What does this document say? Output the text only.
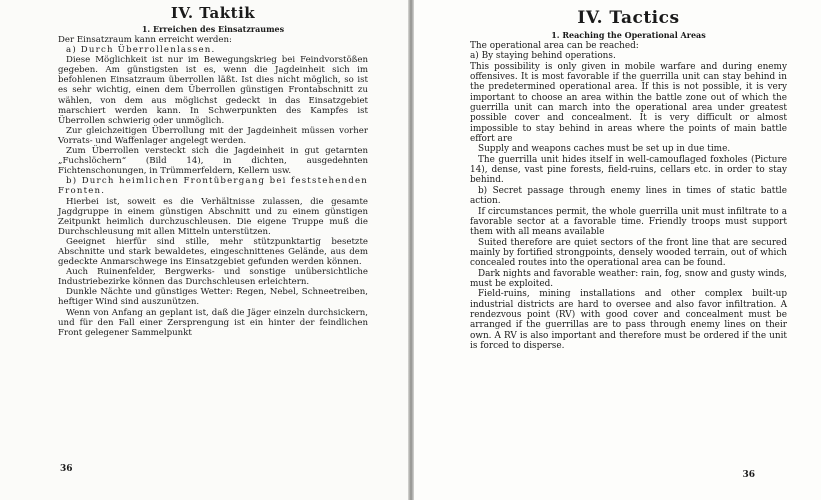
IV. Taktik
1. Erreichen des Einsatzraumes

Der Einsatzraum kann erreicht werden:

a) Durch Überrollenlassen.

Diese Möglichkeit ist nur im Bewegungskrieg bei Feindvorstößen gegeben. Am günstigsten ist es, wenn die Jagdeinheit sich im befohlenen Einsatzraum überrollen läßt. Ist dies nicht möglich, so ist es sehr wichtig, einen dem Überrollen günstigen Frontabschnitt zu wählen, von dem aus möglichst gedeckt in das Einsatzgebiet marschiert werden kann. In Schwerpunkten des Kampfes ist Überrollen schwierig oder unmöglich.

Zur gleichzeitigen Überrollung mit der Jagdeinheit müssen vorher Vorrats- und Waffenlager angelegt werden.

Zum Überrollen versteckt sich die Jagdeinheit in gut getarnten „Fuchslöchern“ (Bild 14), in dichten, ausgedehnten Fichtenschonungen, in Trümmerfeldern, Kellern usw.

b) Durch heimlichen Frontübergang bei feststehenden Fronten.

Hierbei ist, soweit es die Verhältnisse zulassen, die gesamte Jagdgruppe in einem günstigen Abschnitt und zu einem günstigen Zeitpunkt heimlich durchzuschleusen. Die eigene Truppe muß die Durchschleusung mit allen Mitteln unterstützen.

Geeignet hierfür sind stille, mehr stützpunktartig besetzte Abschnitte und stark bewaldetes, eingeschnittenes Gelände, aus dem gedeckte Anmarschwege ins Einsatzgebiet gefunden werden können.

Auch Ruinenfelder, Bergwerks- und sonstige unübersichtliche Industriebezirke können das Durchschleusen erleichtern.

Dunkle Nächte und günstiges Wetter: Regen, Nebel, Schneetreiben, heftiger Wind sind auszunützen.

Wenn von Anfang an geplant ist, daß die Jäger einzeln durchsickern, und für den Fall einer Zersprengung ist ein hinter der feindlichen Front gelegener Sammelpunkt

36
IV. Tactics
1. Reaching the Operational Areas

The operational area can be reached:

a) By staying behind operations.

This possibility is only given in mobile warfare and during enemy offensives. It is most favorable if the guerrilla unit can stay behind in the predetermined operational area. If this is not possible, it is very important to choose an area within the battle zone out of which the guerrilla unit can march into the operational area under greatest possible cover and concealment. It is very difficult or almost impossible to stay behind in areas where the points of main battle effort are

Supply and weapons caches must be set up in due time.

The guerrilla unit hides itself in well-camouflaged foxholes (Picture 14), dense, vast pine forests, field-ruins, cellars etc. in order to stay behind.

b) Secret passage through enemy lines in times of static battle action.

If circumstances permit, the whole guerrilla unit must infiltrate to a favorable sector at a favorable time. Friendly troops must support them with all means available

Suited therefore are quiet sectors of the front line that are secured mainly by fortified strongpoints, densely wooded terrain, out of which concealed routes into the operational area can be found.

Dark nights and favorable weather: rain, fog, snow and gusty winds, must be exploited.

Field-ruins, mining installations and other complex built-up industrial districts are hard to oversee and also favor infiltration. A rendezvous point (RV) with good cover and concealment must be arranged if the guerrillas are to pass through enemy lines on their own. A RV is also important and therefore must be ordered if the unit is forced to disperse.

36
